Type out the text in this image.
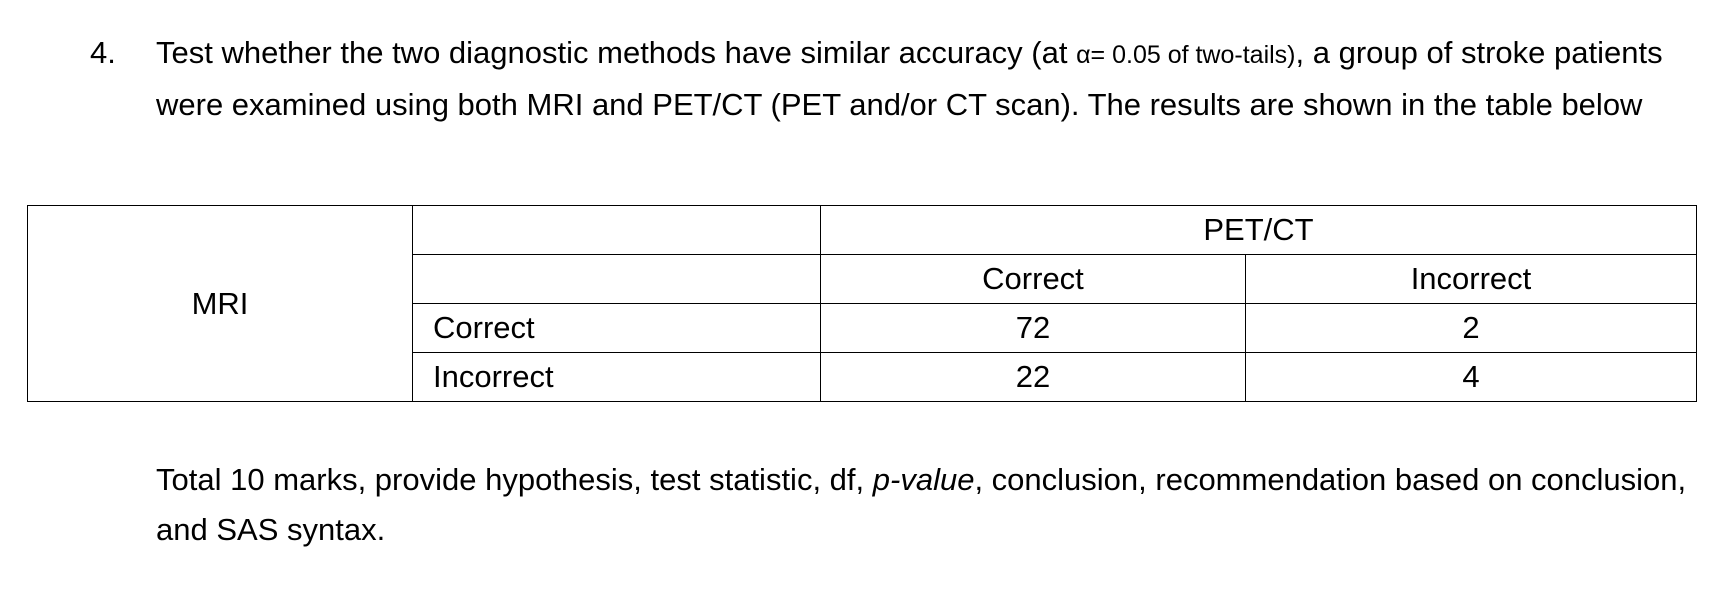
4. Test whether the two diagnostic methods have similar accuracy (at α= 0.05 of two-tails), a group of stroke patients were examined using both MRI and PET/CT (PET and/or CT scan). The results are shown in the table below
MRI		PET/CT	
		Correct	Incorrect
	Correct	72	2
	Incorrect	22	4
Total 10 marks, provide hypothesis, test statistic, df, p-value, conclusion, recommendation based on conclusion, and SAS syntax.
